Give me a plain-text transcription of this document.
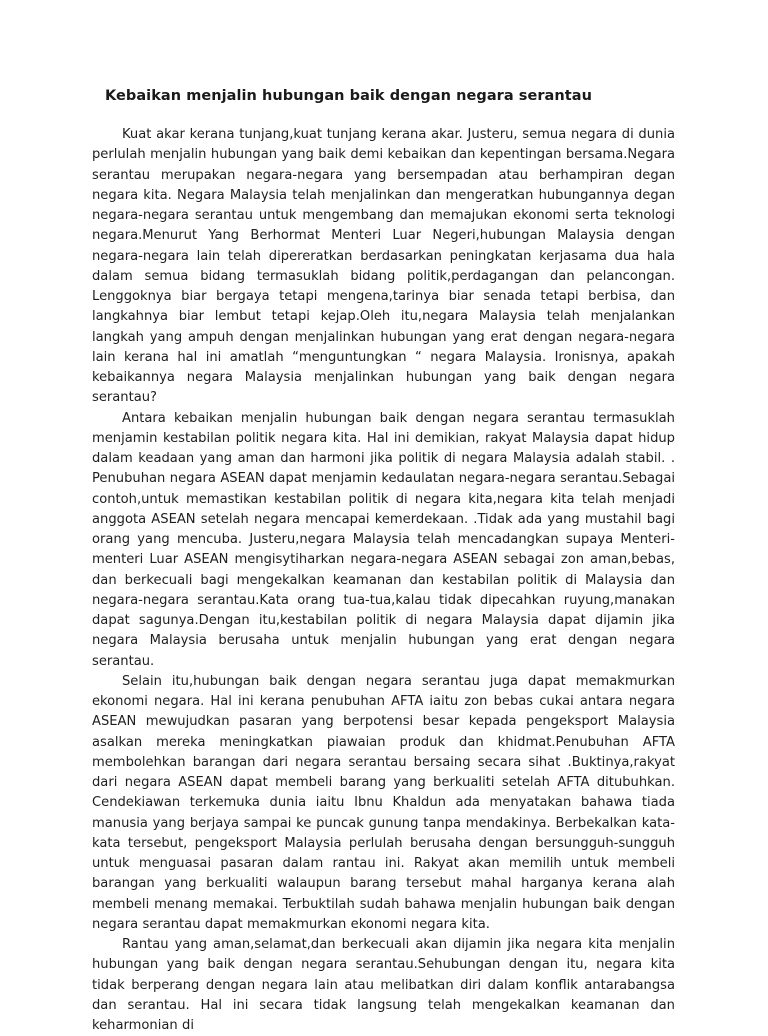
Kebaikan menjalin hubungan baik dengan negara serantau

Kuat akar kerana tunjang,kuat tunjang kerana akar. Justeru, semua negara di dunia perlulah menjalin hubungan yang baik demi kebaikan dan kepentingan bersama.Negara serantau merupakan negara-negara yang bersempadan atau berhampiran degan negara kita. Negara Malaysia telah menjalinkan dan mengeratkan hubungannya degan negara-negara serantau untuk mengembang dan memajukan ekonomi serta teknologi negara.Menurut Yang Berhormat Menteri Luar Negeri,hubungan Malaysia dengan negara-negara lain telah dipereratkan berdasarkan peningkatan kerjasama dua hala dalam semua bidang termasuklah bidang politik,perdagangan dan pelancongan. Lenggoknya biar bergaya tetapi mengena,tarinya biar senada tetapi berbisa, dan langkahnya biar lembut tetapi kejap.Oleh itu,negara Malaysia telah menjalankan langkah yang ampuh dengan menjalinkan hubungan yang erat dengan negara-negara lain kerana hal ini amatlah “menguntungkan “ negara Malaysia. Ironisnya, apakah kebaikannya negara Malaysia menjalinkan hubungan yang baik dengan negara serantau?

Antara kebaikan menjalin hubungan baik dengan negara serantau termasuklah menjamin kestabilan politik negara kita. Hal ini demikian, rakyat Malaysia dapat hidup dalam keadaan yang aman dan harmoni jika politik di negara Malaysia adalah stabil. . Penubuhan negara ASEAN dapat menjamin kedaulatan negara-negara serantau.Sebagai contoh,untuk memastikan kestabilan politik di negara kita,negara kita telah menjadi anggota ASEAN setelah negara mencapai kemerdekaan. .Tidak ada yang mustahil bagi orang yang mencuba. Justeru,negara Malaysia telah mencadangkan supaya Menteri-menteri Luar ASEAN mengisytiharkan negara-negara ASEAN sebagai zon aman,bebas, dan berkecuali bagi mengekalkan keamanan dan kestabilan politik di Malaysia dan negara-negara serantau.Kata orang tua-tua,kalau tidak dipecahkan ruyung,manakan dapat sagunya.Dengan itu,kestabilan politik di negara Malaysia dapat dijamin jika negara Malaysia berusaha untuk menjalin hubungan yang erat dengan negara serantau.

Selain itu,hubungan baik dengan negara serantau juga dapat memakmurkan ekonomi negara. Hal ini kerana penubuhan AFTA iaitu zon bebas cukai antara negara ASEAN mewujudkan pasaran yang berpotensi besar kepada pengeksport Malaysia asalkan mereka meningkatkan piawaian produk dan khidmat.Penubuhan AFTA membolehkan barangan dari negara serantau bersaing secara sihat .Buktinya,rakyat dari negara ASEAN dapat membeli barang yang berkualiti setelah AFTA ditubuhkan. Cendekiawan terkemuka dunia iaitu Ibnu Khaldun ada menyatakan bahawa tiada manusia yang berjaya sampai ke puncak gunung tanpa mendakinya. Berbekalkan kata-kata tersebut, pengeksport Malaysia perlulah berusaha dengan bersungguh-sungguh untuk menguasai pasaran dalam rantau ini. Rakyat akan memilih untuk membeli barangan yang berkualiti walaupun barang tersebut mahal harganya kerana alah membeli menang memakai. Terbuktilah sudah bahawa menjalin hubungan baik dengan negara serantau dapat memakmurkan ekonomi negara kita.

Rantau yang aman,selamat,dan berkecuali akan dijamin jika negara kita menjalin hubungan yang baik dengan negara serantau.Sehubungan dengan itu, negara kita tidak berperang dengan negara lain atau melibatkan diri dalam konflik antarabangsa dan serantau. Hal ini secara tidak langsung telah mengekalkan keamanan dan keharmonian di
